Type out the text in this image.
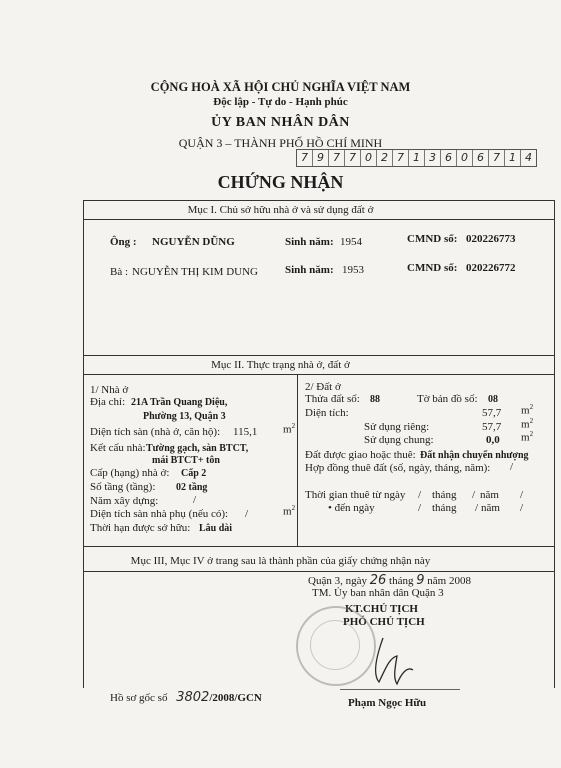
CỘNG HOÀ XÃ HỘI CHỦ NGHĨA VIỆT NAM
Độc lập - Tự do - Hạnh phúc
ỦY BAN NHÂN DÂN
QUẬN 3 – THÀNH PHỐ HỒ CHÍ MINH
7 9 7 7 0 2 7 1 3 6 0 6 7 1 4
CHỨNG NHẬN
Mục I. Chủ sở hữu nhà ở và sử dụng đất ở
Ông : NGUYỄN DŨNG	Sinh năm: 1954	CMND số: 020226773
Bà : NGUYỄN THỊ KIM DUNG Sinh năm: 1953	CMND số: 020226772
Mục II. Thực trạng nhà ở, đất ở
1/ Nhà ở
Địa chỉ: 21A Trần Quang Diệu,
Phường 13, Quận 3
Diện tích sàn (nhà ở, căn hộ): 115,1 $m^2$
Kết cấu nhà: Tường gạch, sàn BTCT,
mái BTCT+ tôn
Cấp (hạng) nhà ở: Cấp 2
Số tầng (tầng): 02 tầng
Năm xây dựng:	/
Diện tích sàn nhà phụ (nếu có): /	$m^2$
Thời hạn được sở hữu: Lâu dài
2/ Đất ở
Thửa đất số: 88	Tờ bản đồ số: 08
Diện tích:	57,7 $m^2$
Sử dụng riêng:	57,7 $m^2$
Sử dụng chung:	0,0 $m^2$
Đất được giao hoặc thuê: Đất nhận chuyển nhượng
Hợp đồng thuê đất (số, ngày, tháng, năm): /
Thời gian thuê từ ngày / tháng / năm /
• đến ngày	/ tháng / năm /
Mục III, Mục IV ở trang sau là thành phần của giấy chứng nhận này
Quận 3, ngày 26 tháng 9 năm 2008
TM. Ủy ban nhân dân Quận 3
KT.CHỦ TỊCH
PHÓ CHỦ TỊCH
Phạm Ngọc Hữu
Hồ sơ gốc số 3802/2008/GCN
